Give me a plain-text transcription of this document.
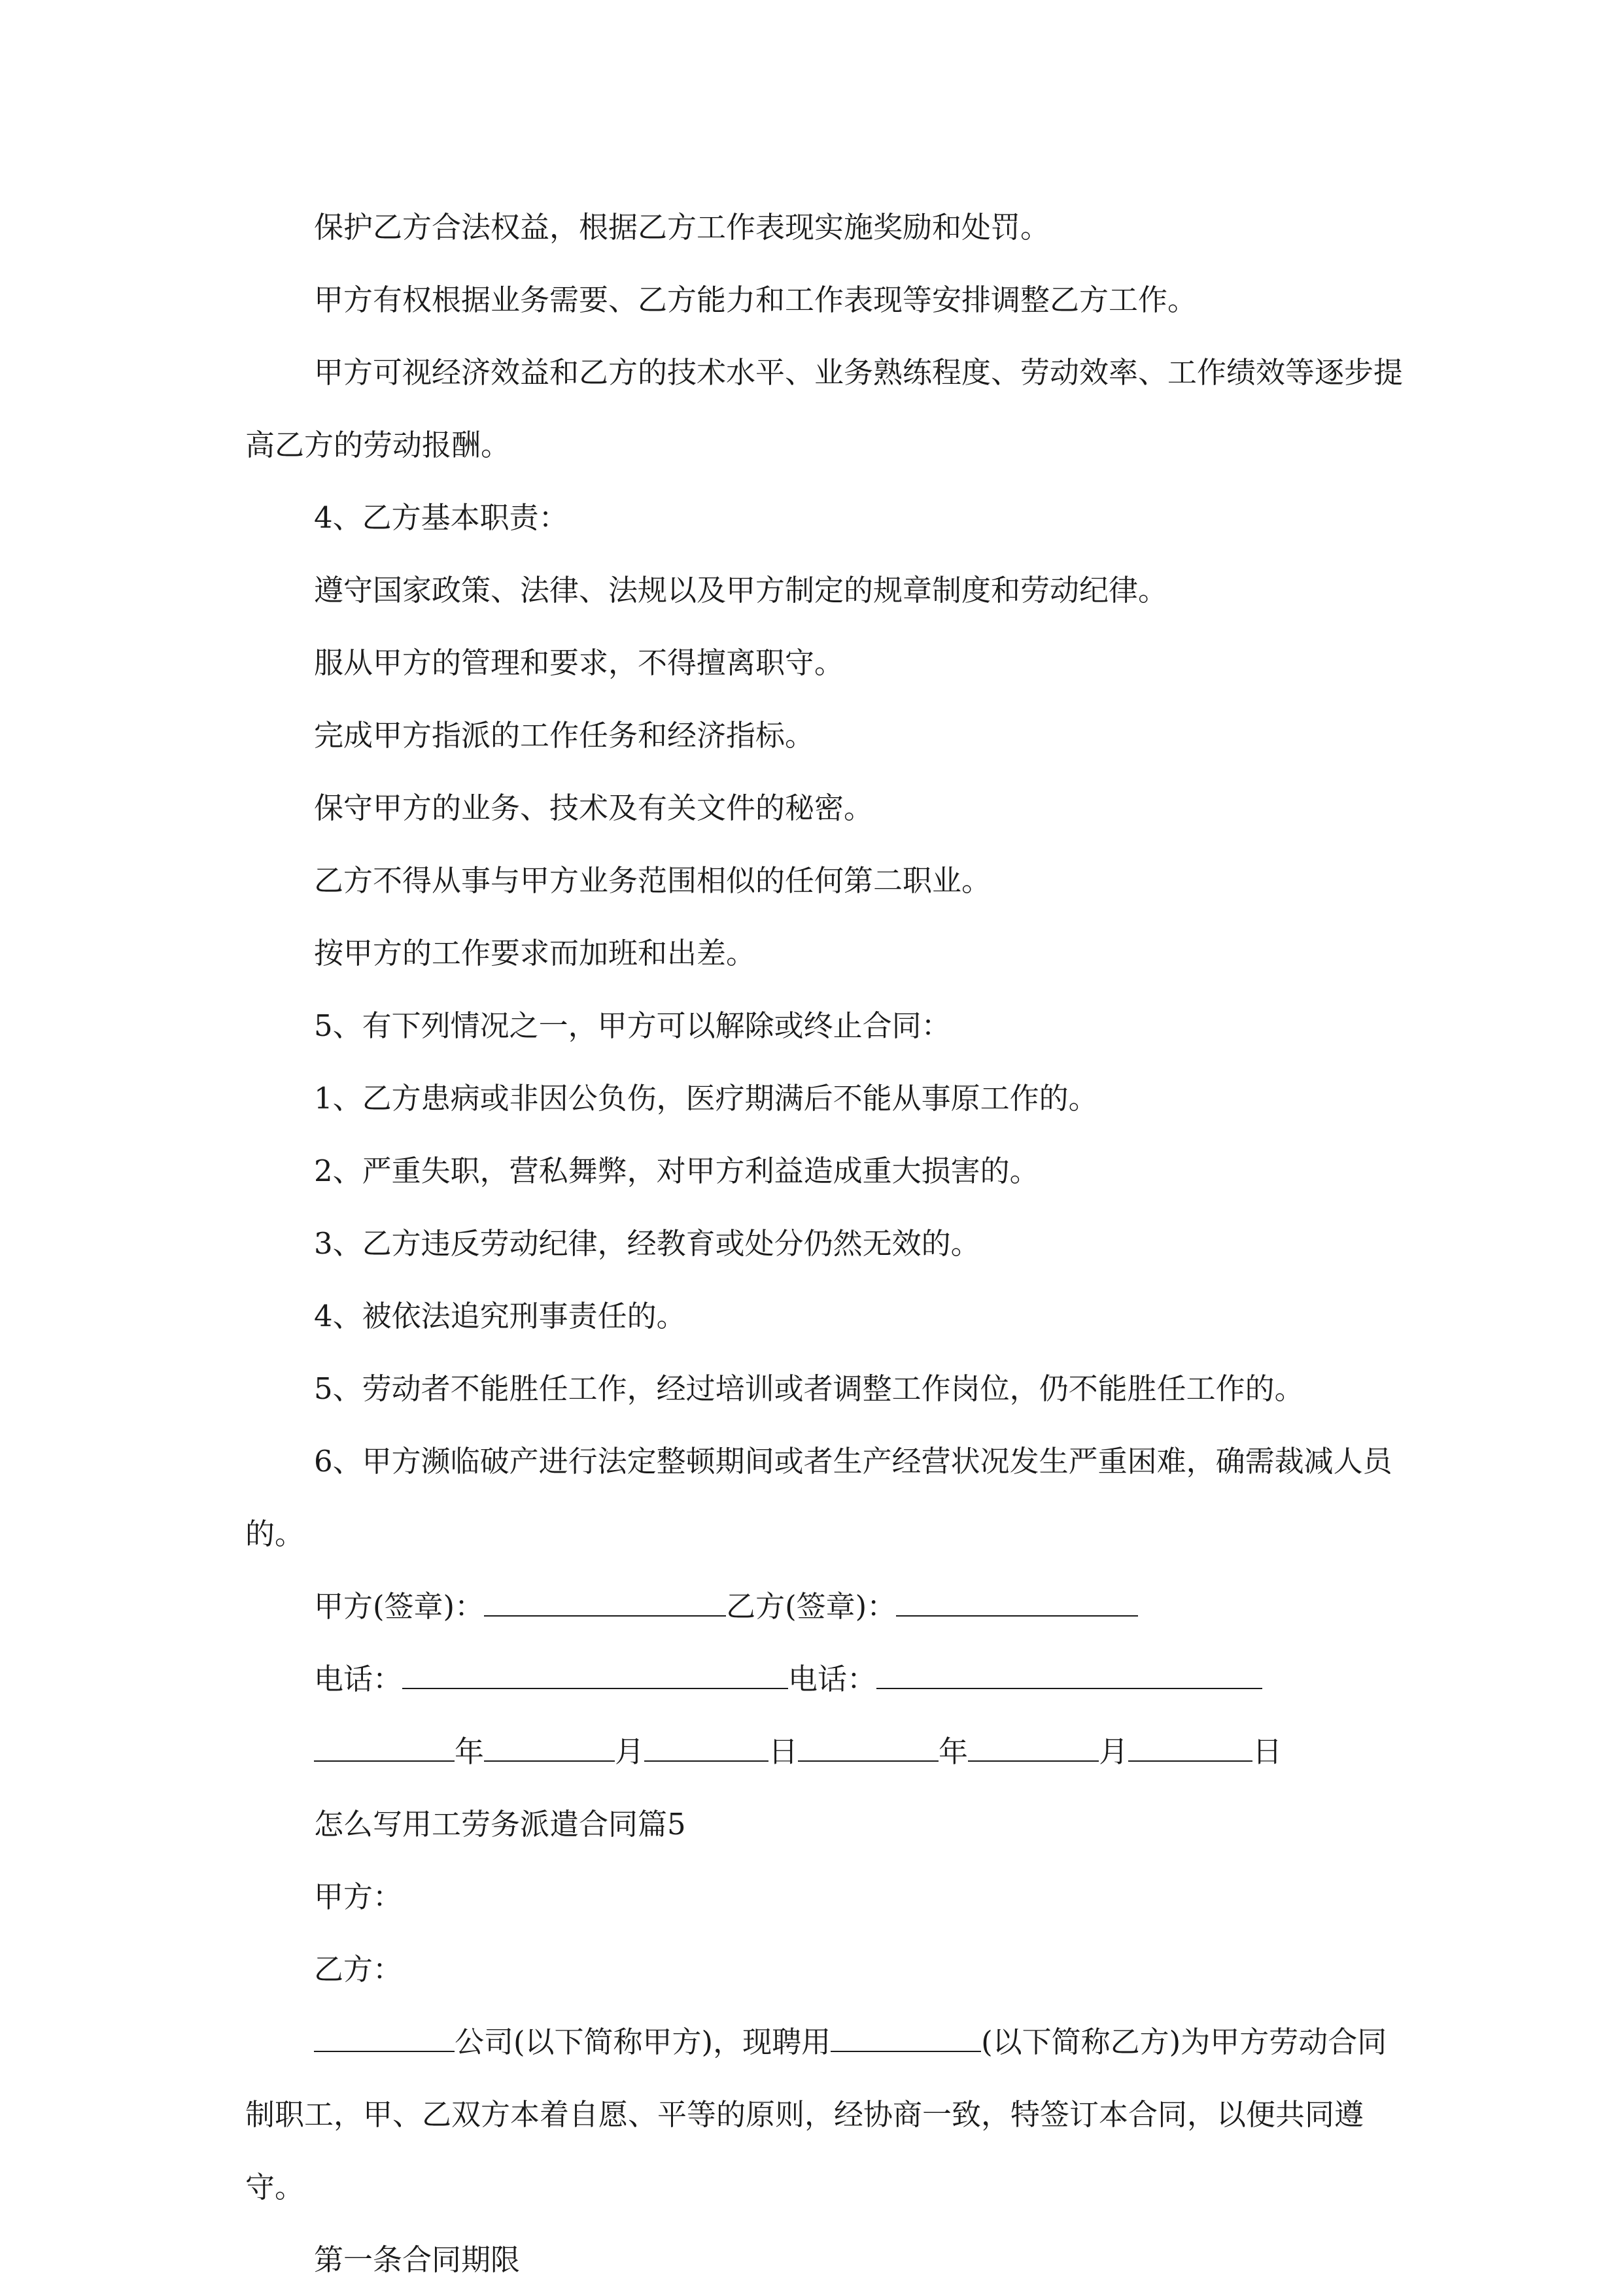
保护乙方合法权益，根据乙方工作表现实施奖励和处罚。

甲方有权根据业务需要、乙方能力和工作表现等安排调整乙方工作。

甲方可视经济效益和乙方的技术水平、业务熟练程度、劳动效率、工作绩效等逐步提高乙方的劳动报酬。

4、乙方基本职责：

遵守国家政策、法律、法规以及甲方制定的规章制度和劳动纪律。

服从甲方的管理和要求，不得擅离职守。

完成甲方指派的工作任务和经济指标。

保守甲方的业务、技术及有关文件的秘密。

乙方不得从事与甲方业务范围相似的任何第二职业。

按甲方的工作要求而加班和出差。

5、有下列情况之一，甲方可以解除或终止合同：

1、乙方患病或非因公负伤，医疗期满后不能从事原工作的。

2、严重失职，营私舞弊，对甲方利益造成重大损害的。

3、乙方违反劳动纪律，经教育或处分仍然无效的。

4、被依法追究刑事责任的。

5、劳动者不能胜任工作，经过培训或者调整工作岗位，仍不能胜任工作的。

6、甲方濒临破产进行法定整顿期间或者生产经营状况发生严重困难，确需裁减人员的。

甲方(签章)：	乙方(签章)：

电话：	电话：

年	月	日	年	月	日

怎么写用工劳务派遣合同篇5

甲方：

乙方：

公司(以下简称甲方)，现聘用	(以下简称乙方)为甲方劳动合同制职工，甲、乙双方本着自愿、平等的原则，经协商一致，特签订本合同，以便共同遵守。

第一条合同期限
